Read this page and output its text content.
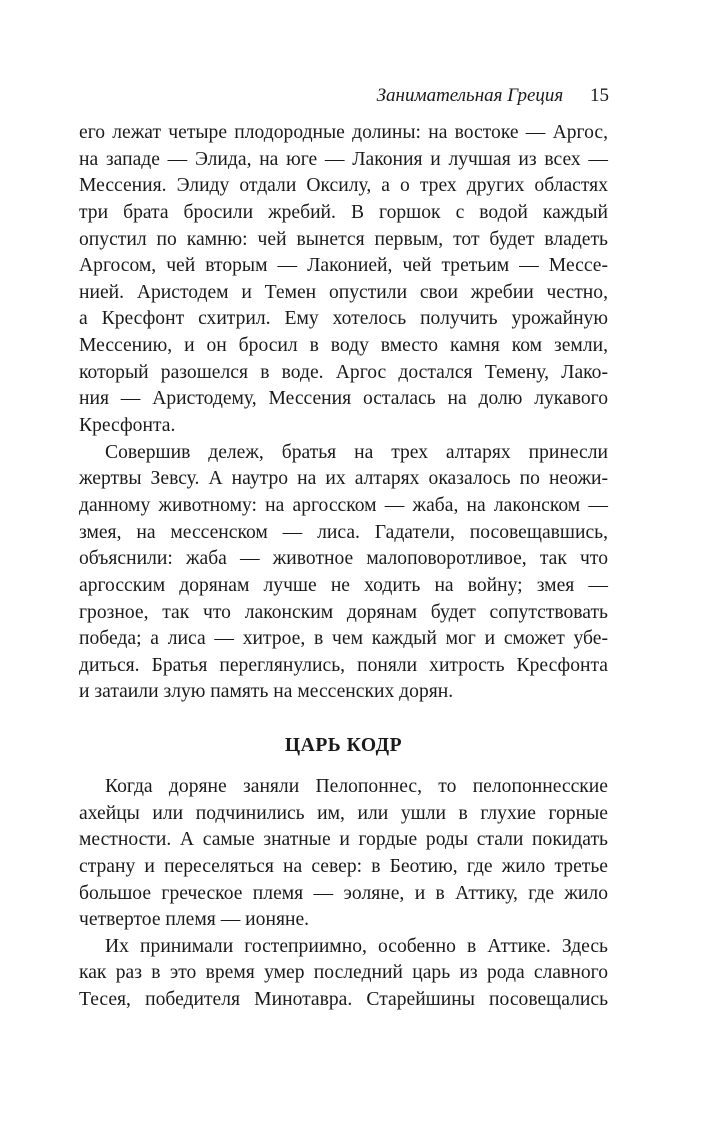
Занимательная Греция 15
его лежат четыре плодородные долины: на востоке — Аргос,
на западе — Элида, на юге — Лакония и лучшая из всех —
Мессения. Элиду отдали Оксилу, а о трех других областях
три брата бросили жребий. В горшок с водой каждый
опустил по камню: чей вынется первым, тот будет владеть
Аргосом, чей вторым — Лаконией, чей третьим — Мессе-
нией. Аристодем и Темен опустили свои жребии честно,
а Кресфонт схитрил. Ему хотелось получить урожайную
Мессению, и он бросил в воду вместо камня ком земли,
который разошелся в воде. Аргос достался Темену, Лако-
ния — Аристодему, Мессения осталась на долю лукавого
Кресфонта.
Совершив дележ, братья на трех алтарях принесли
жертвы Зевсу. А наутро на их алтарях оказалось по неожи-
данному животному: на аргосском — жаба, на лаконском —
змея, на мессенском — лиса. Гадатели, посовещавшись,
объяснили: жаба — животное малоповоротливое, так что
аргосским дорянам лучше не ходить на войну; змея —
грозное, так что лаконским дорянам будет сопутствовать
победа; а лиса — хитрое, в чем каждый мог и сможет убе-
диться. Братья переглянулись, поняли хитрость Кресфонта
и затаили злую память на мессенских дорян.
ЦАРЬ КОДР
Когда доряне заняли Пелопоннес, то пелопоннесские
ахейцы или подчинились им, или ушли в глухие горные
местности. А самые знатные и гордые роды стали покидать
страну и переселяться на север: в Беотию, где жило третье
большое греческое племя — эоляне, и в Аттику, где жило
четвертое племя — ионяне.
Их принимали гостеприимно, особенно в Аттике. Здесь
как раз в это время умер последний царь из рода славного
Тесея, победителя Минотавра. Старейшины посовещались
